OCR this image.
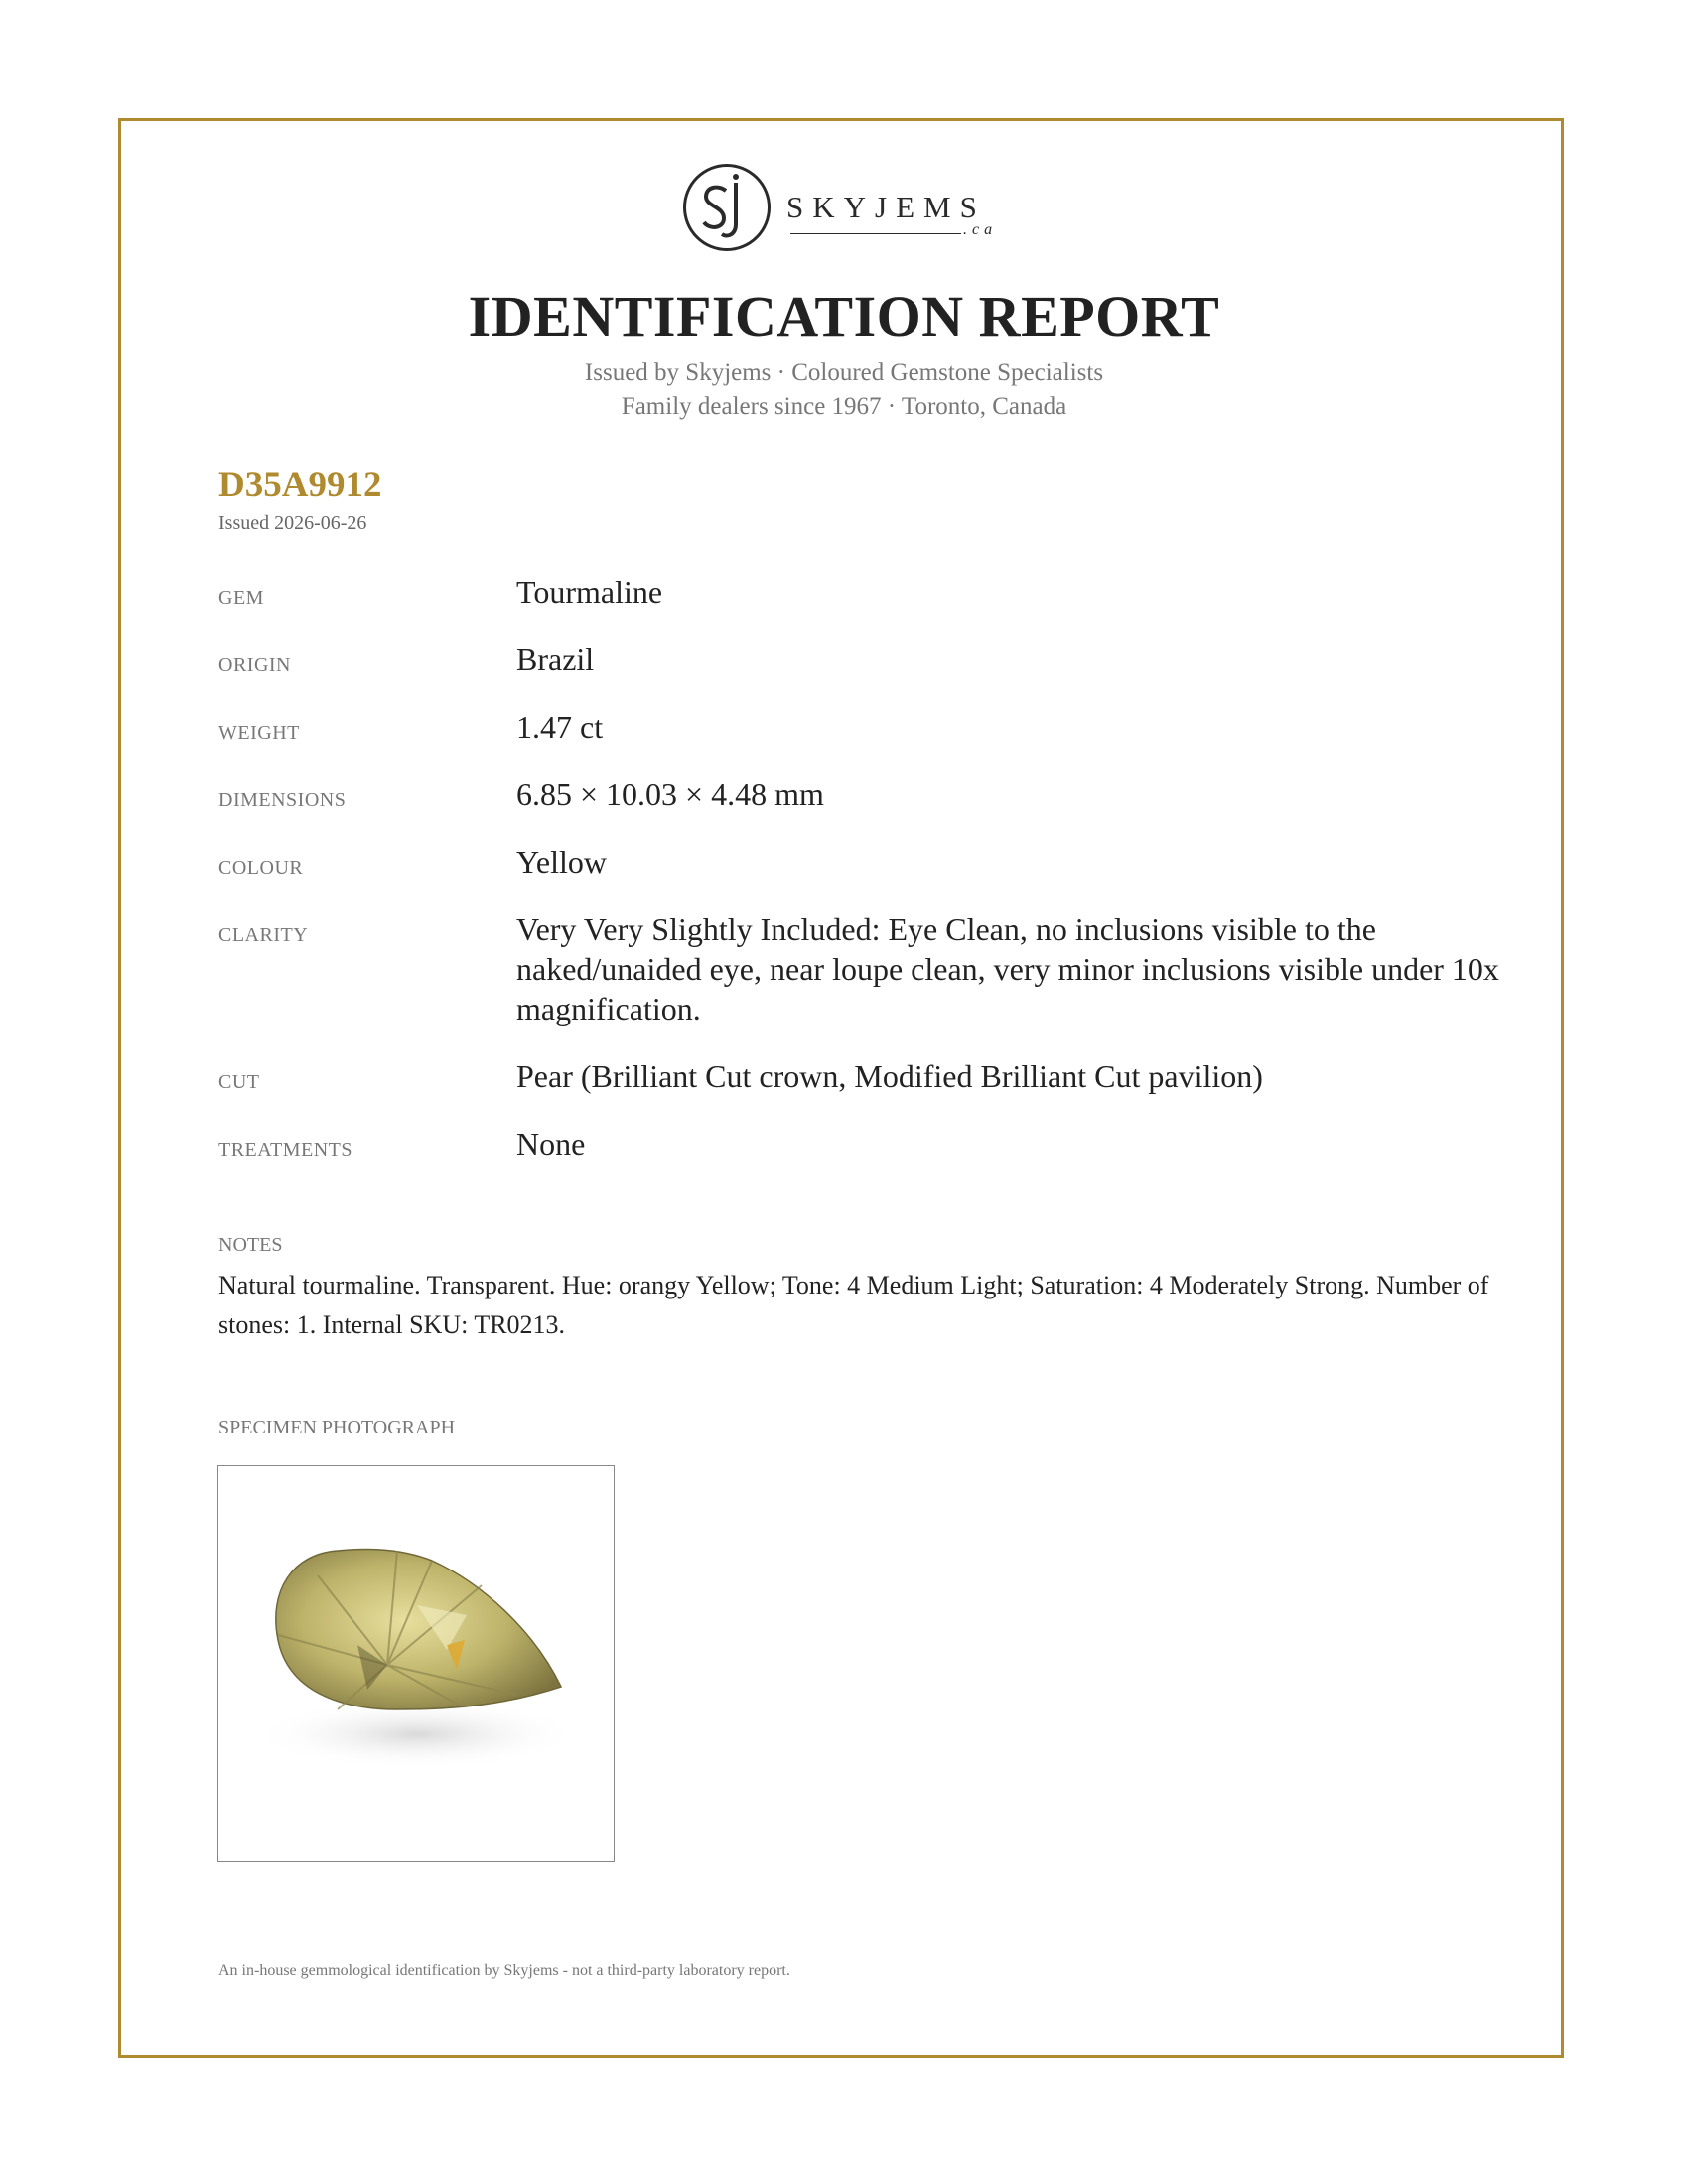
SKYJEMS
.ca
IDENTIFICATION REPORT
Issued by Skyjems · Coloured Gemstone Specialists
Family dealers since 1967 · Toronto, Canada
D35A9912
Issued 2026-06-26
GEM	Tourmaline
ORIGIN	Brazil
WEIGHT	1.47 ct
DIMENSIONS	6.85 × 10.03 × 4.48 mm
COLOUR	Yellow
CLARITY	Very Very Slightly Included: Eye Clean, no inclusions visible to the naked/unaided eye, near loupe clean, very minor inclusions visible under 10x magnification.
CUT	Pear (Brilliant Cut crown, Modified Brilliant Cut pavilion)
TREATMENTS	None
NOTES
Natural tourmaline. Transparent. Hue: orangy Yellow; Tone: 4 Medium Light; Saturation: 4 Moderately Strong. Number of stones: 1. Internal SKU: TR0213.
SPECIMEN PHOTOGRAPH
An in-house gemmological identification by Skyjems - not a third-party laboratory report.
